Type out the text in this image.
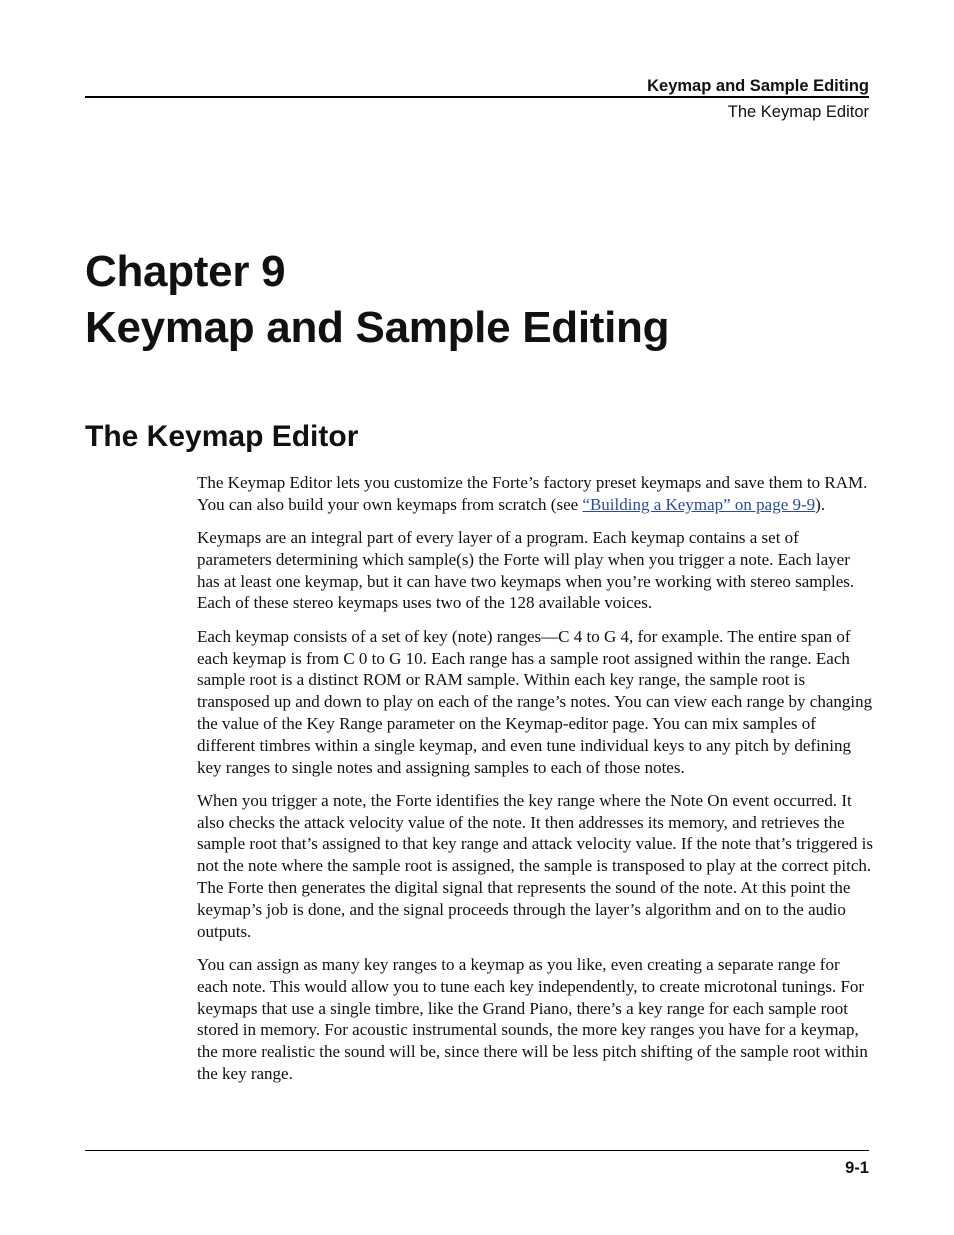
Keymap and Sample Editing
The Keymap Editor
Chapter 9
Keymap and Sample Editing
The Keymap Editor

The Keymap Editor lets you customize the Forte’s factory preset keymaps and save them to RAM. You can also build your own keymaps from scratch (see “Building a Keymap” on page 9-9).

Keymaps are an integral part of every layer of a program. Each keymap contains a set of parameters determining which sample(s) the Forte will play when you trigger a note. Each layer has at least one keymap, but it can have two keymaps when you’re working with stereo samples. Each of these stereo keymaps uses two of the 128 available voices.

Each keymap consists of a set of key (note) ranges—C 4 to G 4, for example. The entire span of each keymap is from C 0 to G 10. Each range has a sample root assigned within the range. Each sample root is a distinct ROM or RAM sample. Within each key range, the sample root is transposed up and down to play on each of the range’s notes. You can view each range by changing the value of the Key Range parameter on the Keymap-editor page. You can mix samples of different timbres within a single keymap, and even tune individual keys to any pitch by defining key ranges to single notes and assigning samples to each of those notes.

When you trigger a note, the Forte identifies the key range where the Note On event occurred. It also checks the attack velocity value of the note. It then addresses its memory, and retrieves the sample root that’s assigned to that key range and attack velocity value. If the note that’s triggered is not the note where the sample root is assigned, the sample is transposed to play at the correct pitch. The Forte then generates the digital signal that represents the sound of the note. At this point the keymap’s job is done, and the signal proceeds through the layer’s algorithm and on to the audio outputs.

You can assign as many key ranges to a keymap as you like, even creating a separate range for each note. This would allow you to tune each key independently, to create microtonal tunings. For keymaps that use a single timbre, like the Grand Piano, there’s a key range for each sample root stored in memory. For acoustic instrumental sounds, the more key ranges you have for a keymap, the more realistic the sound will be, since there will be less pitch shifting of the sample root within the key range.

9-1
